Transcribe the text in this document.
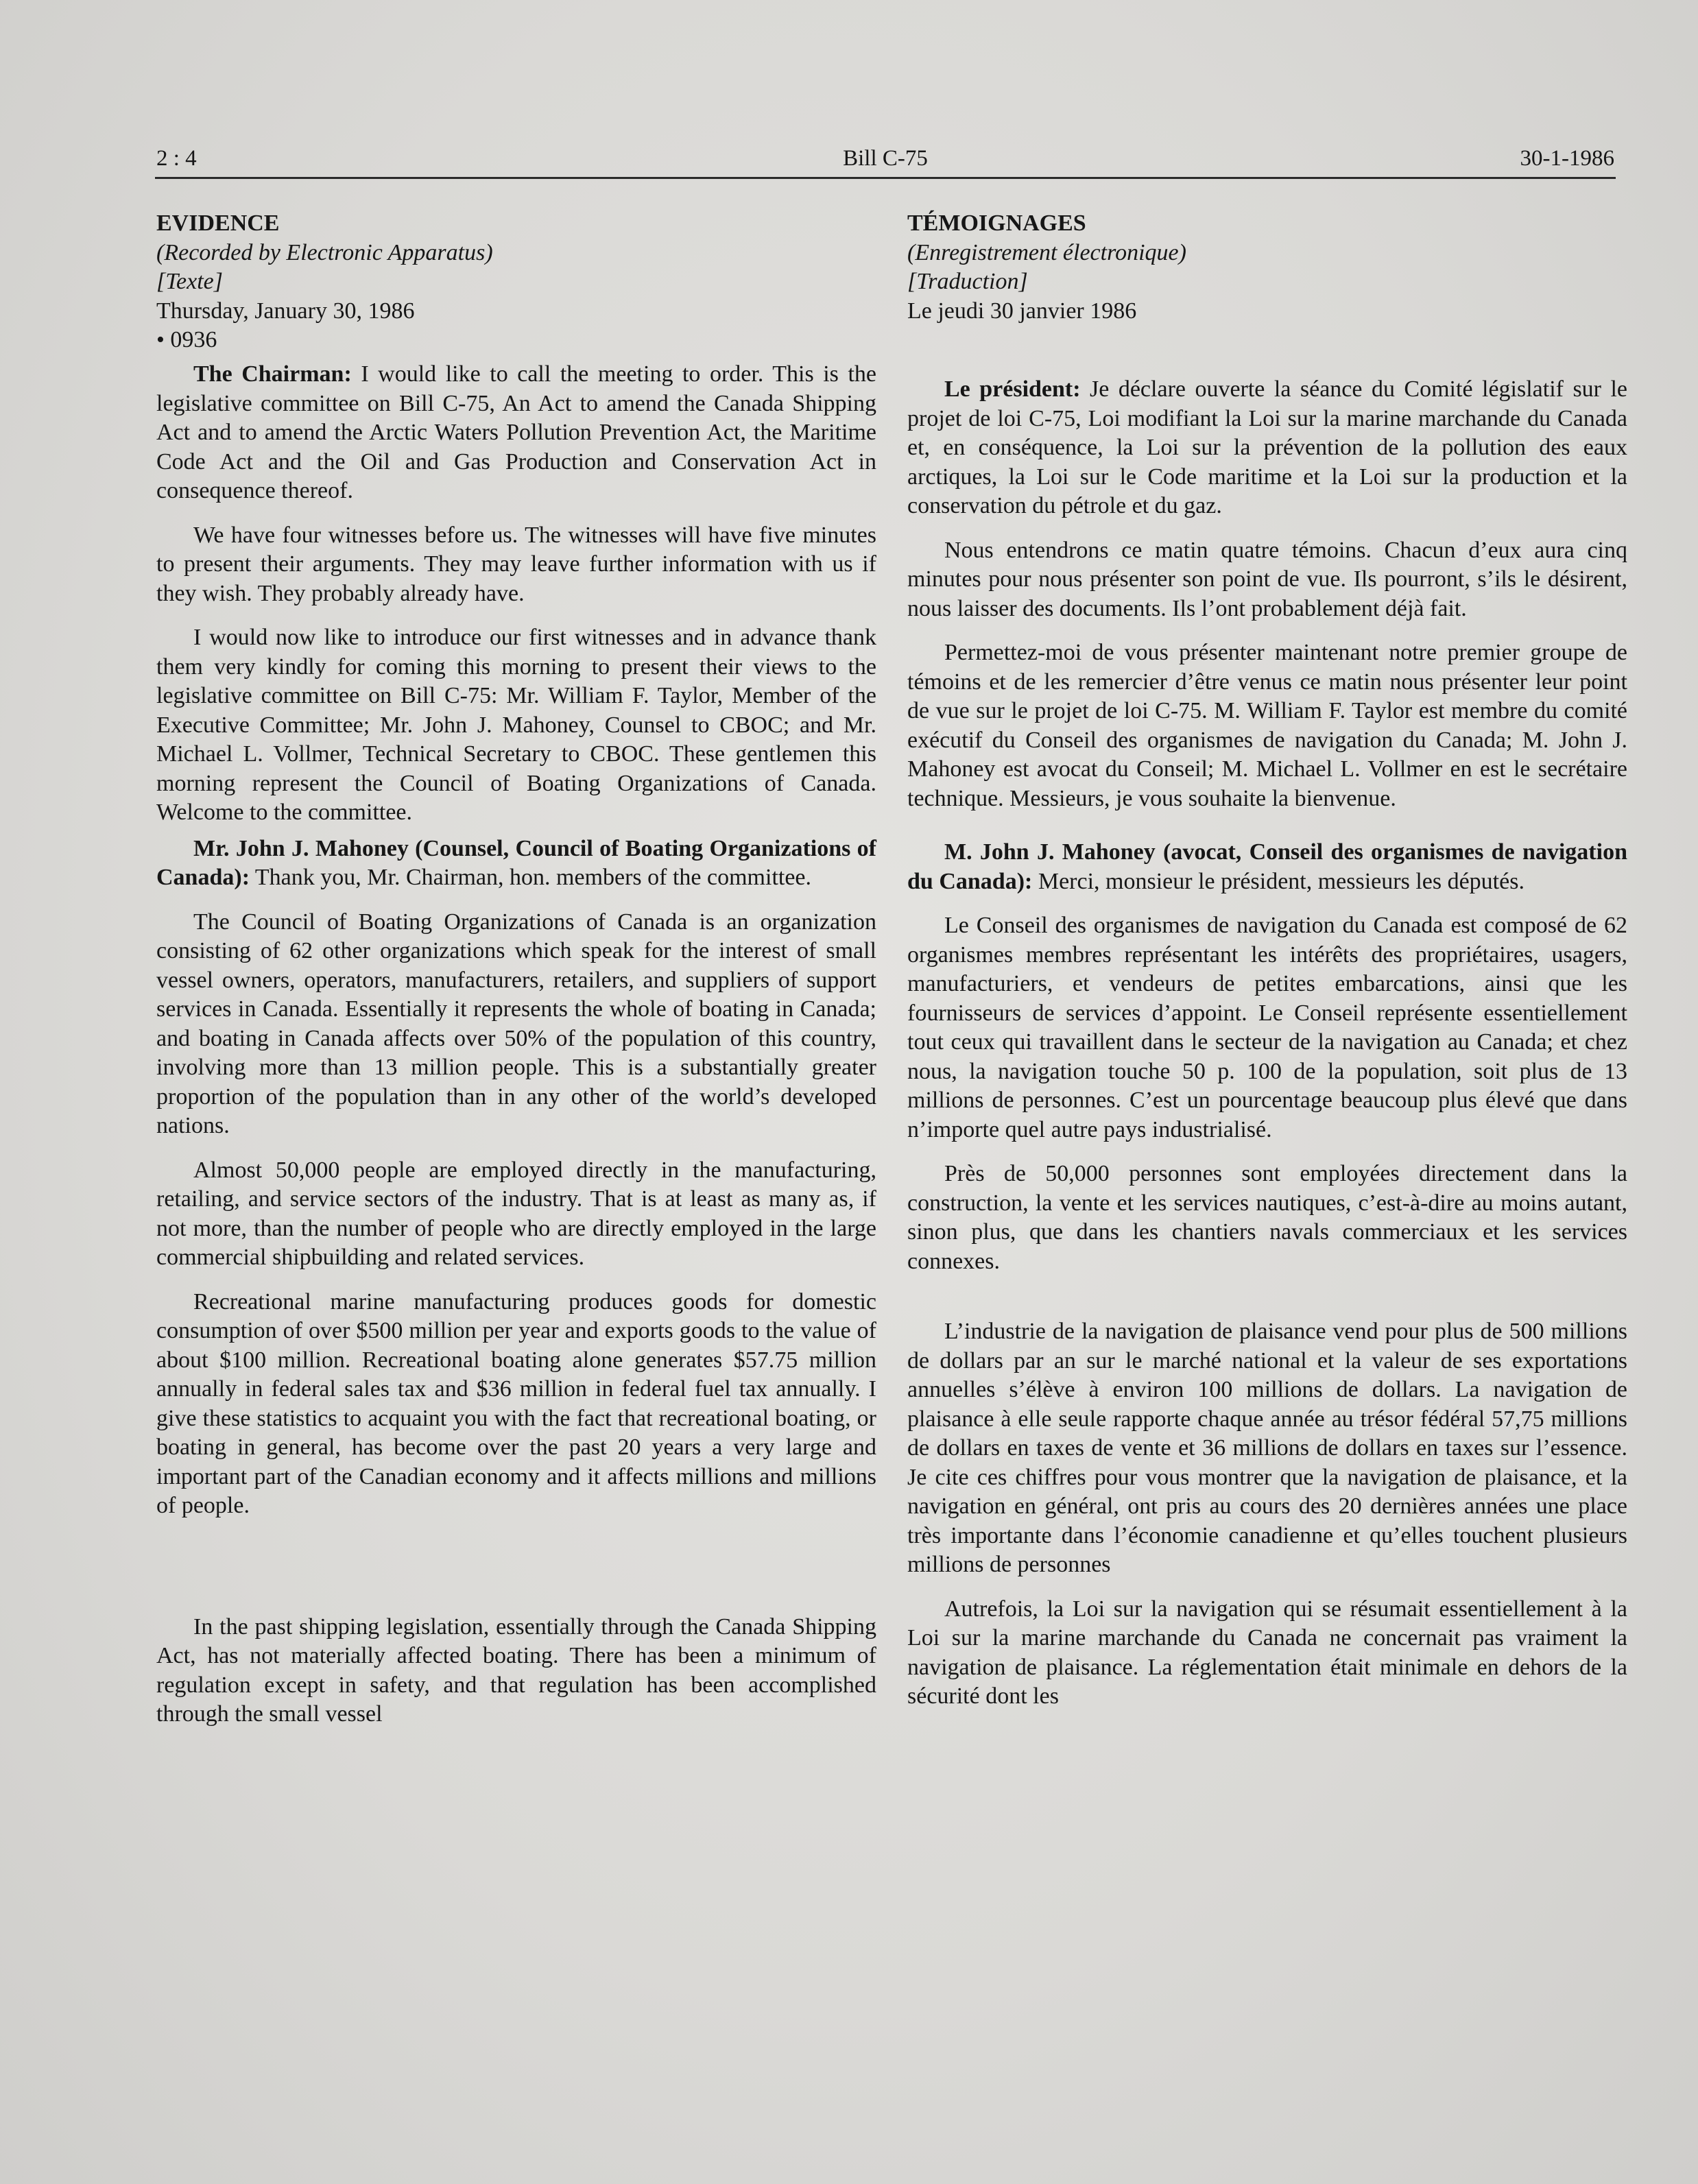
2 : 4	Bill C-75	30-1-1986

EVIDENCE

(Recorded by Electronic Apparatus)

[Texte]

Thursday, January 30, 1986

• 0936

The Chairman: I would like to call the meeting to order. This is the legislative committee on Bill C-75, An Act to amend the Canada Shipping Act and to amend the Arctic Waters Pollution Prevention Act, the Maritime Code Act and the Oil and Gas Production and Conservation Act in consequence thereof.

We have four witnesses before us. The witnesses will have five minutes to present their arguments. They may leave further information with us if they wish. They probably already have.

I would now like to introduce our first witnesses and in advance thank them very kindly for coming this morning to present their views to the legislative committee on Bill C-75: Mr. William F. Taylor, Member of the Executive Committee; Mr. John J. Mahoney, Counsel to CBOC; and Mr. Michael L. Vollmer, Technical Secretary to CBOC. These gentlemen this morning represent the Council of Boating Organizations of Canada. Welcome to the committee.

Mr. John J. Mahoney (Counsel, Council of Boating Organizations of Canada): Thank you, Mr. Chairman, hon. members of the committee.

The Council of Boating Organizations of Canada is an organization consisting of 62 other organizations which speak for the interest of small vessel owners, operators, manufacturers, retailers, and suppliers of support services in Canada. Essentially it represents the whole of boating in Canada; and boating in Canada affects over 50% of the population of this country, involving more than 13 million people. This is a substantially greater proportion of the population than in any other of the world’s developed nations.

Almost 50,000 people are employed directly in the manufacturing, retailing, and service sectors of the industry. That is at least as many as, if not more, than the number of people who are directly employed in the large commercial shipbuilding and related services.

Recreational marine manufacturing produces goods for domestic consumption of over $500 million per year and exports goods to the value of about $100 million. Recreational boating alone generates $57.75 million annually in federal sales tax and $36 million in federal fuel tax annually. I give these statistics to acquaint you with the fact that recreational boating, or boating in general, has become over the past 20 years a very large and important part of the Canadian economy and it affects millions and millions of people.

In the past shipping legislation, essentially through the Canada Shipping Act, has not materially affected boating. There has been a minimum of regulation except in safety, and that regulation has been accomplished through the small vessel

TÉMOIGNAGES

(Enregistrement électronique)

[Traduction]

Le jeudi 30 janvier 1986

Le président: Je déclare ouverte la séance du Comité législatif sur le projet de loi C-75, Loi modifiant la Loi sur la marine marchande du Canada et, en conséquence, la Loi sur la prévention de la pollution des eaux arctiques, la Loi sur le Code maritime et la Loi sur la production et la conservation du pétrole et du gaz.

Nous entendrons ce matin quatre témoins. Chacun d’eux aura cinq minutes pour nous présenter son point de vue. Ils pourront, s’ils le désirent, nous laisser des documents. Ils l’ont probablement déjà fait.

Permettez-moi de vous présenter maintenant notre premier groupe de témoins et de les remercier d’être venus ce matin nous présenter leur point de vue sur le projet de loi C-75. M. William F. Taylor est membre du comité exécutif du Conseil des organismes de navigation du Canada; M. John J. Mahoney est avocat du Conseil; M. Michael L. Vollmer en est le secrétaire technique. Messieurs, je vous souhaite la bienvenue.

M. John J. Mahoney (avocat, Conseil des organismes de navigation du Canada): Merci, monsieur le président, messieurs les députés.

Le Conseil des organismes de navigation du Canada est composé de 62 organismes membres représentant les intérêts des propriétaires, usagers, manufacturiers, et vendeurs de petites embarcations, ainsi que les fournisseurs de services d’appoint. Le Conseil représente essentiellement tout ceux qui travaillent dans le secteur de la navigation au Canada; et chez nous, la navigation touche 50 p. 100 de la population, soit plus de 13 millions de personnes. C’est un pourcentage beaucoup plus élevé que dans n’importe quel autre pays industrialisé.

Près de 50,000 personnes sont employées directement dans la construction, la vente et les services nautiques, c’est-à-dire au moins autant, sinon plus, que dans les chantiers navals commerciaux et les services connexes.

L’industrie de la navigation de plaisance vend pour plus de 500 millions de dollars par an sur le marché national et la valeur de ses exportations annuelles s’élève à environ 100 millions de dollars. La navigation de plaisance à elle seule rapporte chaque année au trésor fédéral 57,75 millions de dollars en taxes de vente et 36 millions de dollars en taxes sur l’essence. Je cite ces chiffres pour vous montrer que la navigation de plaisance, et la navigation en général, ont pris au cours des 20 dernières années une place très importante dans l’économie canadienne et qu’elles touchent plusieurs millions de personnes

Autrefois, la Loi sur la navigation qui se résumait essentiellement à la Loi sur la marine marchande du Canada ne concernait pas vraiment la navigation de plaisance. La réglementation était minimale en dehors de la sécurité dont les
